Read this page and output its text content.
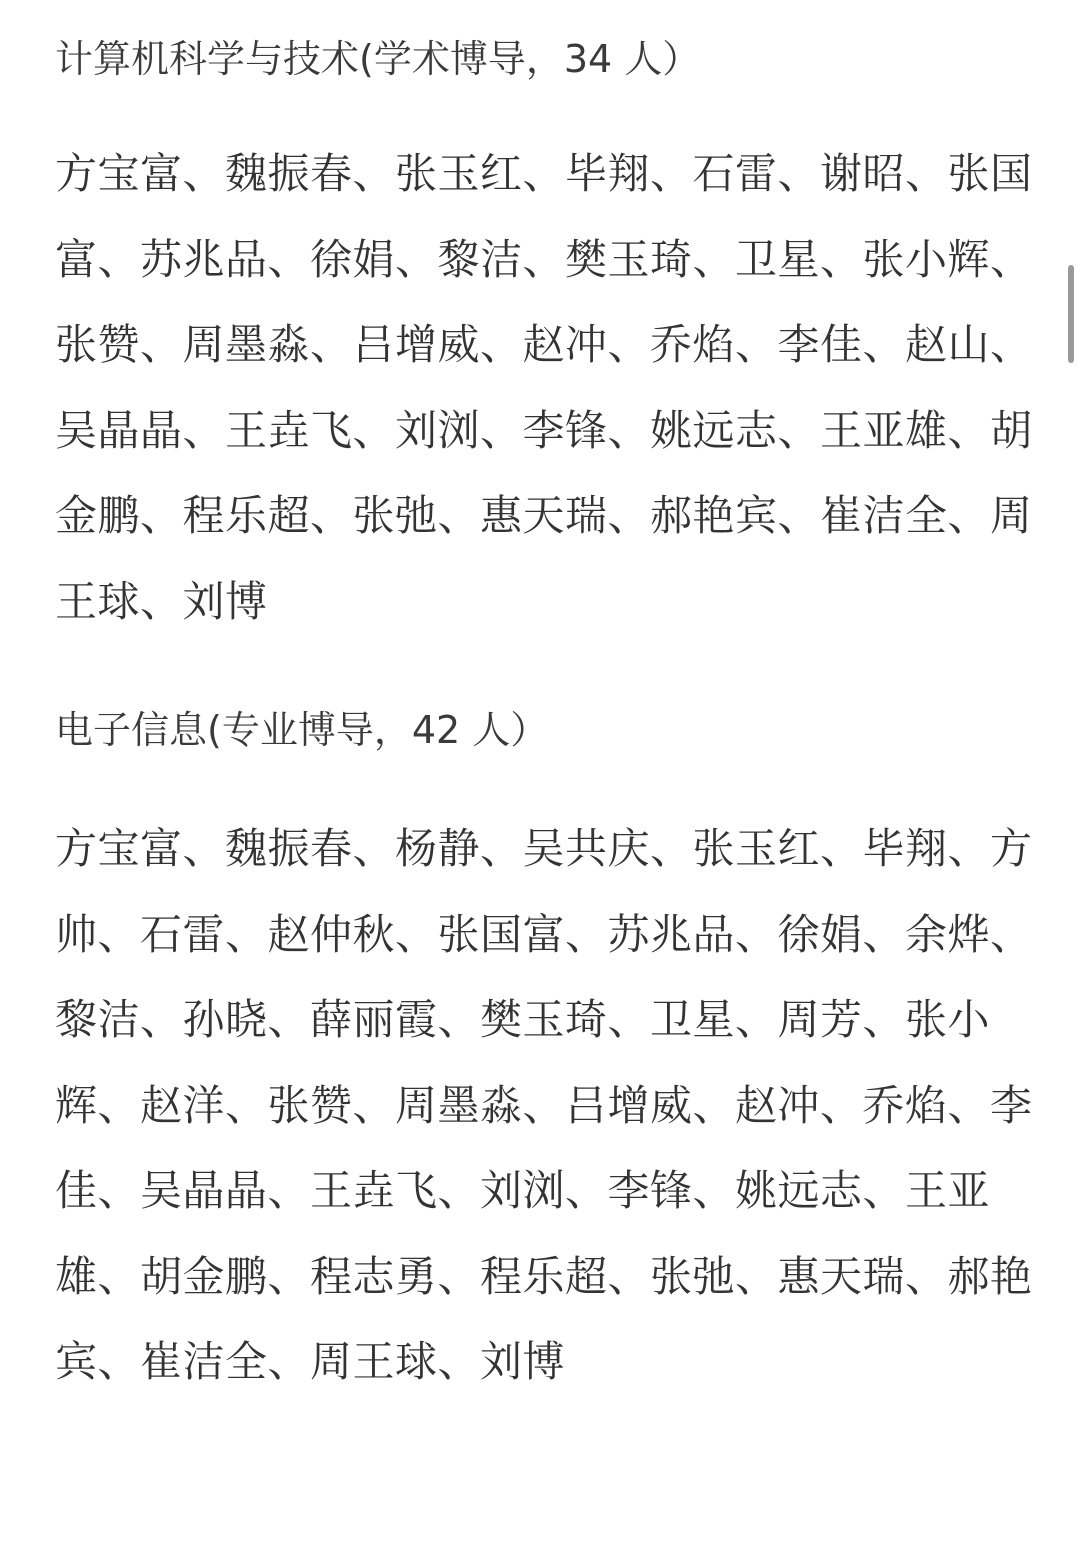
计算机科学与技术(学术博导，34 人）

方宝富、魏振春、张玉红、毕翔、石雷、谢昭、张国富、苏兆品、徐娟、黎洁、樊玉琦、卫星、张小辉、张赞、周墨淼、吕增威、赵冲、乔焰、李佳、赵山、吴晶晶、王垚飞、刘浏、李锋、姚远志、王亚雄、胡金鹏、程乐超、张弛、惠天瑞、郝艳宾、崔洁全、周王球、刘博

电子信息(专业博导，42 人）

方宝富、魏振春、杨静、吴共庆、张玉红、毕翔、方帅、石雷、赵仲秋、张国富、苏兆品、徐娟、余烨、黎洁、孙晓、薛丽霞、樊玉琦、卫星、周芳、张小辉、赵洋、张赞、周墨淼、吕增威、赵冲、乔焰、李佳、吴晶晶、王垚飞、刘浏、李锋、姚远志、王亚雄、胡金鹏、程志勇、程乐超、张弛、惠天瑞、郝艳宾、崔洁全、周王球、刘博
